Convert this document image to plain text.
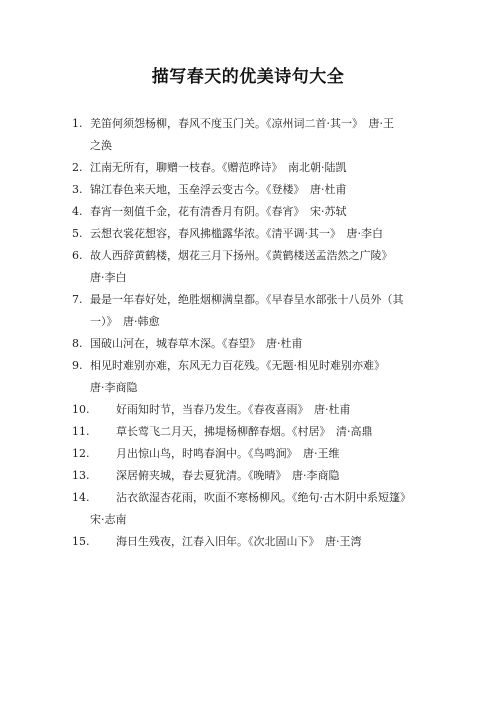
描写春天的优美诗句大全
1. 羌笛何须怨杨柳，春风不度玉门关。《凉州词二首·其一》　唐·王
之涣
2. 江南无所有，聊赠一枝春。《赠范晔诗》　南北朝·陆凯
3. 锦江春色来天地，玉垒浮云变古今。《登楼》　唐·杜甫
4. 春宵一刻值千金，花有清香月有阴。《春宵》　宋·苏轼
5. 云想衣裳花想容，春风拂槛露华浓。《清平调·其一》　唐·李白
6. 故人西辞黄鹤楼，烟花三月下扬州。《黄鹤楼送孟浩然之广陵》
唐·李白
7. 最是一年春好处，绝胜烟柳满皇都。《早春呈水部张十八员外（其
一）》　唐·韩愈
8. 国破山河在，城春草木深。《春望》　唐·杜甫
9. 相见时难别亦难，东风无力百花残。《无题·相见时难别亦难》
唐·李商隐
10. 好雨知时节，当春乃发生。《春夜喜雨》　唐·杜甫
11. 草长莺飞二月天，拂堤杨柳醉春烟。《村居》　清·高鼎
12. 月出惊山鸟，时鸣春涧中。《鸟鸣涧》　唐·王维
13. 深居俯夹城，春去夏犹清。《晚晴》　唐·李商隐
14. 沾衣欲湿杏花雨，吹面不寒杨柳风。《绝句·古木阴中系短篷》
宋·志南
15. 海日生残夜，江春入旧年。《次北固山下》　唐·王湾
